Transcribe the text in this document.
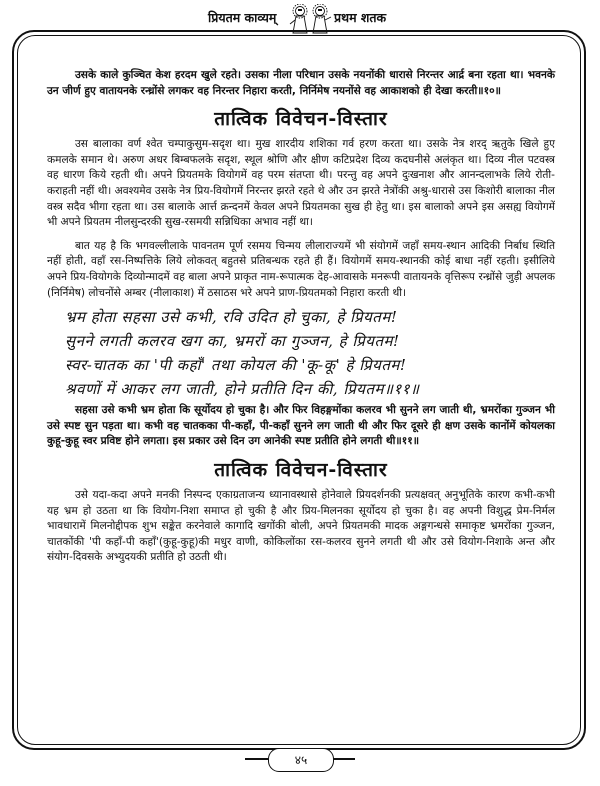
प्रियतम काव्यम्	प्रथम शतक

उसके काले कुञ्चित केश हरदम खुले रहते। उसका नीला परिधान उसके नयनोंकी धारासे निरन्तर आर्द्र बना रहता था। भवनके उन जीर्ण हुए वातायनके रन्ध्रोंसे लगकर वह निरन्तर निहारा करती, निर्निमेष नयनोंसे वह आकाशको ही देखा करती॥१०॥

तात्विक विवेचन-विस्तार

उस बालाका वर्ण श्वेत चम्पाकुसुम-सदृश था। मुख शारदीय शशिका गर्व हरण करता था। उसके नेत्र शरद् ऋतुके खिले हुए कमलके समान थे। अरुण अधर बिम्बफलके सदृश, स्थूल श्रोणि और क्षीण कटिप्रदेश दिव्य कदघनीसे अलंकृत था। दिव्य नील पटवस्त्र वह धारण किये रहती थी। अपने प्रियतमके वियोगमें वह परम संतप्ता थी। परन्तु वह अपने दुःखनाश और आनन्दलाभके लिये रोती-कराहती नहीं थी। अवश्यमेव उसके नेत्र प्रिय-वियोगमें निरन्तर झरते रहते थे और उन झरते नेत्रोंकी अश्रु-धारासे उस किशोरी बालाका नील वस्त्र सदैव भीगा रहता था। उस बालाके आर्त्त क्रन्दनमें केवल अपने प्रियतमका सुख ही हेतु था। इस बालाको अपने इस असह्य वियोगमें भी अपने प्रियतम नीलसुन्दरकी सुख-रसमयी सन्निधिका अभाव नहीं था।

बात यह है कि भगवल्लीलाके पावनतम पूर्ण रसमय चिन्मय लीलाराज्यमें भी संयोगमें जहाँ समय-स्थान आदिकी निर्बाध स्थिति नहीं होती, वहाँ रस-निष्पत्तिके लिये लोकवत् बहुतसे प्रतिबन्धक रहते ही हैं। वियोगमें समय-स्थानकी कोई बाधा नहीं रहती। इसीलिये अपने प्रिय-वियोगके दिव्योन्मादमें वह बाला अपने प्राकृत नाम-रूपात्मक देह-आवासके मनरूपी वातायनके वृत्तिरूप रन्ध्रोंसे जुड़ी अपलक (निर्निमेष) लोचनोंसे अम्बर (नीलाकाश) में ठसाठस भरे अपने प्राण-प्रियतमको निहारा करती थी।

भ्रम होता सहसा उसे कभी, रवि उदित हो चुका, हे प्रियतम!
सुनने लगती कलरव खग का, भ्रमरों का गुञ्जन, हे प्रियतम!
स्वर-चातक का 'पी कहाँ' तथा कोयल की 'कू-कू' हे प्रियतम!
श्रवणों में आकर लग जाती, होने प्रतीति दिन की, प्रियतम॥११॥

सहसा उसे कभी भ्रम होता कि सूर्योदय हो चुका है। और फिर विहङ्गमोंका कलरव भी सुनने लग जाती थी, भ्रमरोंका गुञ्जन भी उसे स्पष्ट सुन पड़ता था। कभी वह चातकका पी-कहाँ, पी-कहाँ सुनने लग जाती थी और फिर दूसरे ही क्षण उसके कानोंमें कोयलका कुहू-कुहू स्वर प्रविष्ट होने लगता। इस प्रकार उसे दिन उग आनेकी स्पष्ट प्रतीति होने लगती थी॥११॥

तात्विक विवेचन-विस्तार

उसे यदा-कदा अपने मनकी निस्पन्द एकाग्रताजन्य ध्यानावस्थासे होनेवाले प्रियदर्शनकी प्रत्यक्षवत् अनुभूतिके कारण कभी-कभी यह भ्रम हो उठता था कि वियोग-निशा समाप्त हो चुकी है और प्रिय-मिलनका सूर्योदय हो चुका है। वह अपनी विशुद्ध प्रेम-निर्मल भावधारामें मिलनोद्दीपक शुभ सङ्केत करनेवाले कागादि खगोंकी बोली, अपने प्रियतमकी मादक अङ्गगन्धसे समाकृष्ट भ्रमरोंका गुञ्जन, चातकोंकी 'पी कहाँ-पी कहाँ'(कुहू-कुहू)की मधुर वाणी, कोकिलोंका रस-कलरव सुनने लगती थी और उसे वियोग-निशाके अन्त और संयोग-दिवसके अभ्युदयकी प्रतीति हो उठती थी।

४५
